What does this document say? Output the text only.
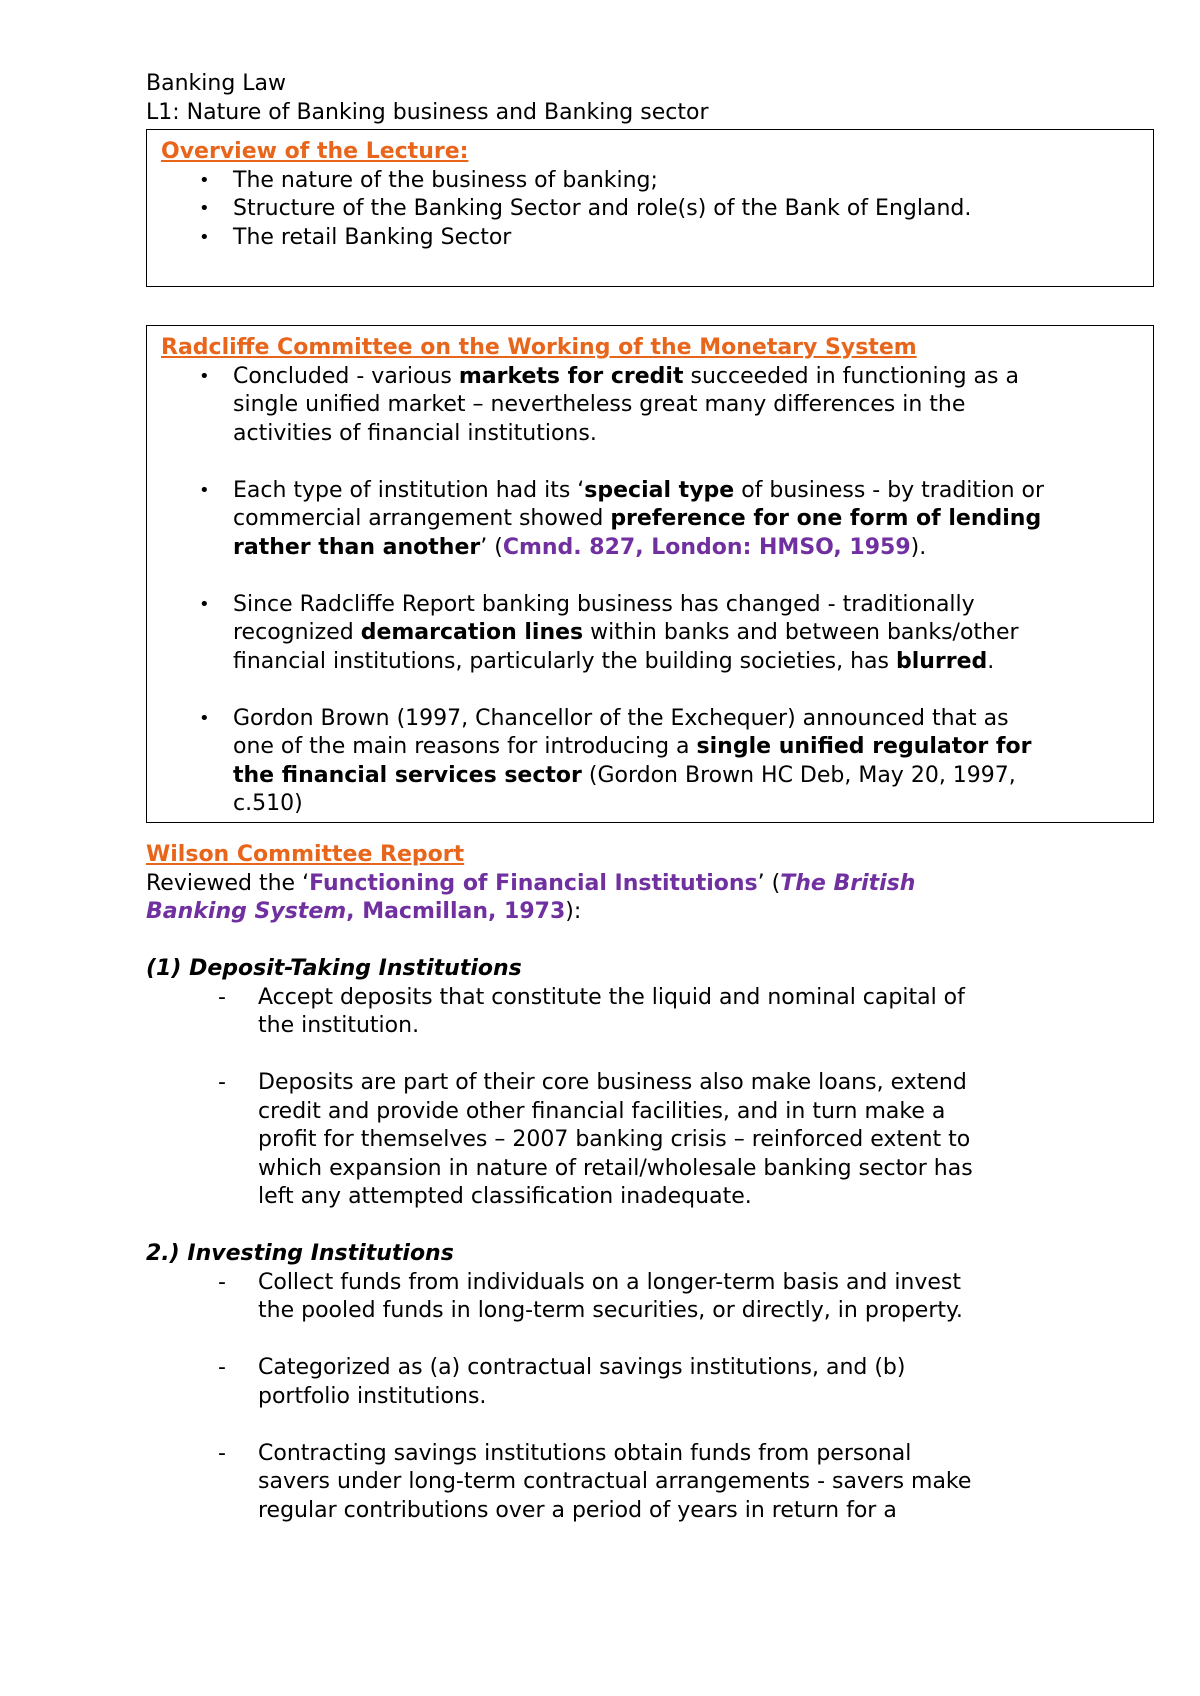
Banking Law
L1: Nature of Banking business and Banking sector
Overview of the Lecture:
• The nature of the business of banking;
• Structure of the Banking Sector and role(s) of the Bank of England.
• The retail Banking Sector
Radcliffe Committee on the Working of the Monetary System
• Concluded - various markets for credit succeeded in functioning as a
single unified market – nevertheless great many differences in the
activities of financial institutions.
• Each type of institution had its ‘special type of business - by tradition or
commercial arrangement showed preference for one form of lending
rather than another’ (Cmnd. 827, London: HMSO, 1959).
• Since Radcliffe Report banking business has changed - traditionally
recognized demarcation lines within banks and between banks/other
financial institutions, particularly the building societies, has blurred.
• Gordon Brown (1997, Chancellor of the Exchequer) announced that as
one of the main reasons for introducing a single unified regulator for
the financial services sector (Gordon Brown HC Deb, May 20, 1997,
c.510)
Wilson Committee Report
Reviewed the ‘Functioning of Financial Institutions’ (The British
Banking System, Macmillan, 1973):
(1) Deposit-Taking Institutions
- Accept deposits that constitute the liquid and nominal capital of
the institution.
- Deposits are part of their core business also make loans, extend
credit and provide other financial facilities, and in turn make a
profit for themselves – 2007 banking crisis – reinforced extent to
which expansion in nature of retail/wholesale banking sector has
left any attempted classification inadequate.
2.) Investing Institutions
- Collect funds from individuals on a longer-term basis and invest
the pooled funds in long-term securities, or directly, in property.
- Categorized as (a) contractual savings institutions, and (b)
portfolio institutions.
- Contracting savings institutions obtain funds from personal
savers under long-term contractual arrangements - savers make
regular contributions over a period of years in return for a
